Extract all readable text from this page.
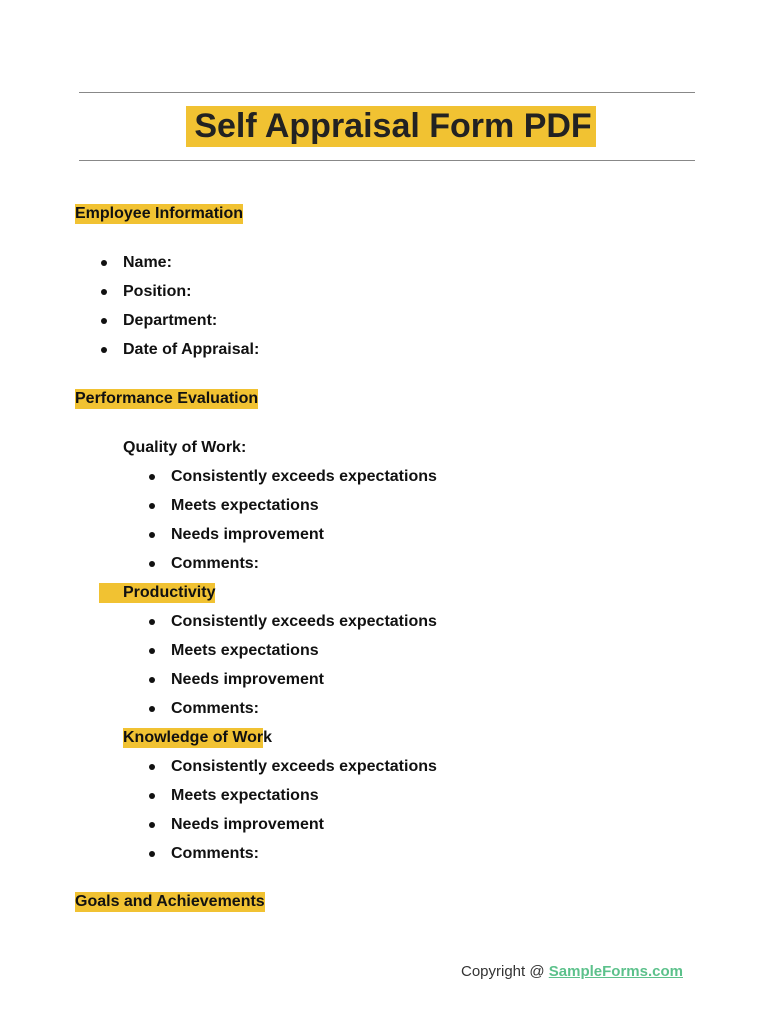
Self Appraisal Form PDF
Employee Information
Performance Evaluation
Goals and Achievements
Copyright @ SampleForms.com
Name:
Position:
Department:
Date of Appraisal:
Quality of Work:
Consistently exceeds expectations
Meets expectations
Needs improvement
Comments:
Productivity
Consistently exceeds expectations
Meets expectations
Needs improvement
Comments:
Knowledge of Work
Consistently exceeds expectations
Meets expectations
Needs improvement
Comments:
